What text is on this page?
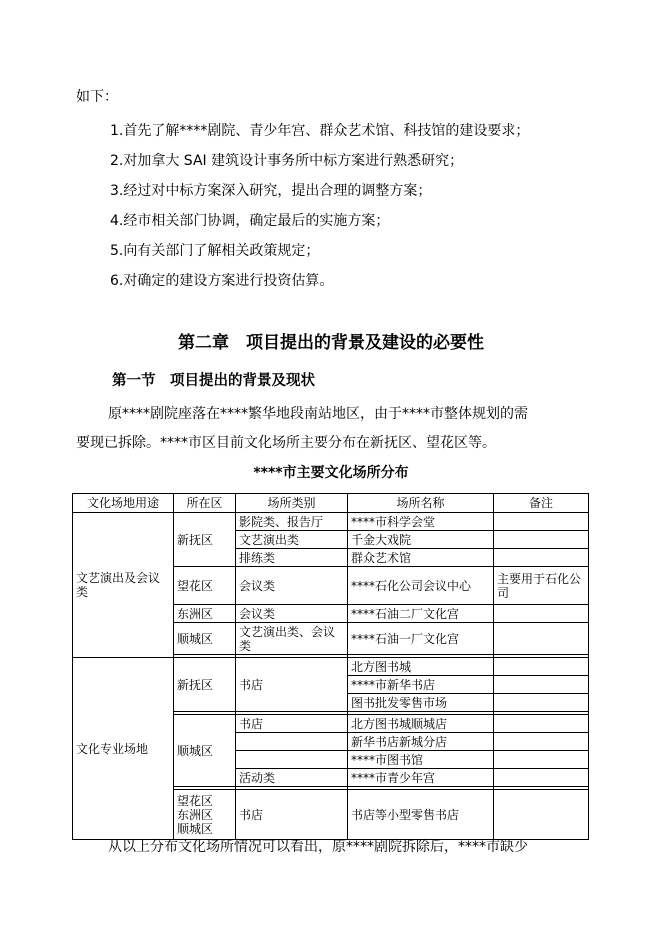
如下：
1.首先了解****剧院、青少年宫、群众艺术馆、科技馆的建设要求；
2.对加拿大 SAI 建筑设计事务所中标方案进行熟悉研究；
3.经过对中标方案深入研究，提出合理的调整方案；
4.经市相关部门协调，确定最后的实施方案；
5.向有关部门了解相关政策规定；
6.对确定的建设方案进行投资估算。
第二章　项目提出的背景及建设的必要性
第一节　项目提出的背景及现状
原****剧院座落在****繁华地段南站地区，由于****市整体规划的需
要现已拆除。****市区目前文化场所主要分布在新抚区、望花区等。
****市主要文化场所分布
文化场地用途	所在区	场所类别	场所名称	备注
文艺演出及会议类	新抚区	影院类、报告厅	****市科学会堂	
		文艺演出类	千金大戏院	
		排练类	群众艺术馆	
	望花区	会议类	****石化公司会议中心	主要用于石化公司
	东洲区	会议类	****石油二厂文化宫	
	顺城区	文艺演出类、会议类	****石油一厂文化宫	

文化专业场地	新抚区	书店	北方图书城	
			****市新华书店	
			图书批发零售市场	

	顺城区	书店	北方图书城顺城店	
			新华书店新城分店	
			****市图书馆	
		活动类	****市青少年宫	

	望花区
东洲区
顺城区	书店	书店等小型零售书店	
从以上分布文化场所情况可以看出，原****剧院拆除后，****市缺少
